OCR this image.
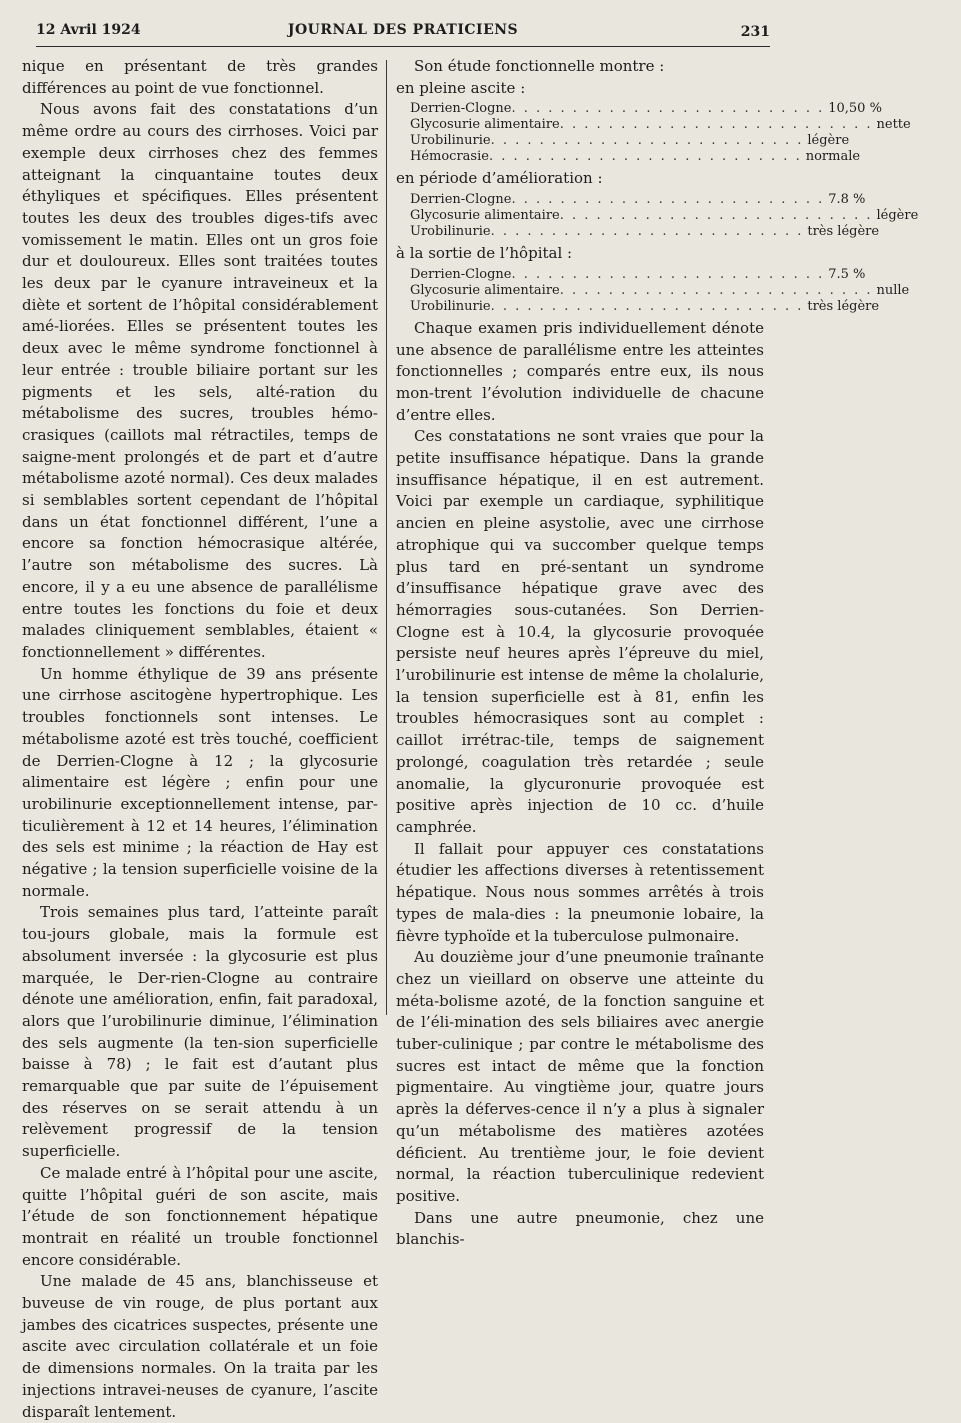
12 Avril 1924	JOURNAL DES PRATICIENS	231

nique en présentant de très grandes différences au point de vue fonctionnel.

Nous avons fait des constatations d’un même ordre au cours des cirrhoses. Voici par exemple deux cirrhoses chez des femmes atteignant la cinquantaine toutes deux éthyliques et spécifiques. Elles présentent toutes les deux des troubles diges-tifs avec vomissement le matin. Elles ont un gros foie dur et douloureux. Elles sont traitées toutes les deux par le cyanure intraveineux et la diète et sortent de l’hôpital considérablement amé-liorées. Elles se présentent toutes les deux avec le même syndrome fonctionnel à leur entrée : trouble biliaire portant sur les pigments et les sels, alté-ration du métabolisme des sucres, troubles hémo-crasiques (caillots mal rétractiles, temps de saigne-ment prolongés et de part et d’autre métabolisme azoté normal). Ces deux malades si semblables sortent cependant de l’hôpital dans un état fonctionnel différent, l’une a encore sa fonction hémocrasique altérée, l’autre son métabolisme des sucres. Là encore, il y a eu une absence de parallélisme entre toutes les fonctions du foie et deux malades cliniquement semblables, étaient « fonctionnellement » différentes.

Un homme éthylique de 39 ans présente une cirrhose ascitogène hypertrophique. Les troubles fonctionnels sont intenses. Le métabolisme azoté est très touché, coefficient de Derrien-Clogne à 12 ; la glycosurie alimentaire est légère ; enfin pour une urobilinurie exceptionnellement intense, par-ticulièrement à 12 et 14 heures, l’élimination des sels est minime ; la réaction de Hay est négative ; la tension superficielle voisine de la normale.

Trois semaines plus tard, l’atteinte paraît tou-jours globale, mais la formule est absolument inversée : la glycosurie est plus marquée, le Der-rien-Clogne au contraire dénote une amélioration, enfin, fait paradoxal, alors que l’urobilinurie diminue, l’élimination des sels augmente (la ten-sion superficielle baisse à 78) ; le fait est d’autant plus remarquable que par suite de l’épuisement des réserves on se serait attendu à un relèvement progressif de la tension superficielle.

Ce malade entré à l’hôpital pour une ascite, quitte l’hôpital guéri de son ascite, mais l’étude de son fonctionnement hépatique montrait en réalité un trouble fonctionnel encore considérable.

Une malade de 45 ans, blanchisseuse et buveuse de vin rouge, de plus portant aux jambes des cicatrices suspectes, présente une ascite avec circulation collatérale et un foie de dimensions normales. On la traita par les injections intravei-neuses de cyanure, l’ascite disparaît lentement.

Son étude fonctionnelle montre :

en pleine ascite :

Derrien-Clogne . . . . . . . . . . . . . . . . . . . . . . . . . . 10,50 %
Glycosurie alimentaire . . . . . . . . . . . . . . . . . . . . . . . . . . nette
Urobilinurie . . . . . . . . . . . . . . . . . . . . . . . . . . légère
Hémocrasie . . . . . . . . . . . . . . . . . . . . . . . . . . normale

en période d’amélioration :

Derrien-Clogne . . . . . . . . . . . . . . . . . . . . . . . . . . 7.8 %
Glycosurie alimentaire . . . . . . . . . . . . . . . . . . . . . . . . . . légère
Urobilinurie . . . . . . . . . . . . . . . . . . . . . . . . . . très légère

à la sortie de l’hôpital :

Derrien-Clogne . . . . . . . . . . . . . . . . . . . . . . . . . . 7.5 %
Glycosurie alimentaire . . . . . . . . . . . . . . . . . . . . . . . . . . nulle
Urobilinurie . . . . . . . . . . . . . . . . . . . . . . . . . . très légère

Chaque examen pris individuellement dénote une absence de parallélisme entre les atteintes fonctionnelles ; comparés entre eux, ils nous mon-trent l’évolution individuelle de chacune d’entre elles.

Ces constatations ne sont vraies que pour la petite insuffisance hépatique. Dans la grande insuffisance hépatique, il en est autrement. Voici par exemple un cardiaque, syphilitique ancien en pleine asystolie, avec une cirrhose atrophique qui va succomber quelque temps plus tard en pré-sentant un syndrome d’insuffisance hépatique grave avec des hémorragies sous-cutanées. Son Derrien-Clogne est à 10.4, la glycosurie provoquée persiste neuf heures après l’épreuve du miel, l’urobilinurie est intense de même la cholalurie, la tension superficielle est à 81, enfin les troubles hémocrasiques sont au complet : caillot irrétrac-tile, temps de saignement prolongé, coagulation très retardée ; seule anomalie, la glycuronurie provoquée est positive après injection de 10 cc. d’huile camphrée.

Il fallait pour appuyer ces constatations étudier les affections diverses à retentissement hépatique. Nous nous sommes arrêtés à trois types de mala-dies : la pneumonie lobaire, la fièvre typhoïde et la tuberculose pulmonaire.

Au douzième jour d’une pneumonie traînante chez un vieillard on observe une atteinte du méta-bolisme azoté, de la fonction sanguine et de l’éli-mination des sels biliaires avec anergie tuber-culinique ; par contre le métabolisme des sucres est intact de même que la fonction pigmentaire. Au vingtième jour, quatre jours après la déferves-cence il n’y a plus à signaler qu’un métabolisme des matières azotées déficient. Au trentième jour, le foie devient normal, la réaction tuberculinique redevient positive.

Dans une autre pneumonie, chez une blanchis-
